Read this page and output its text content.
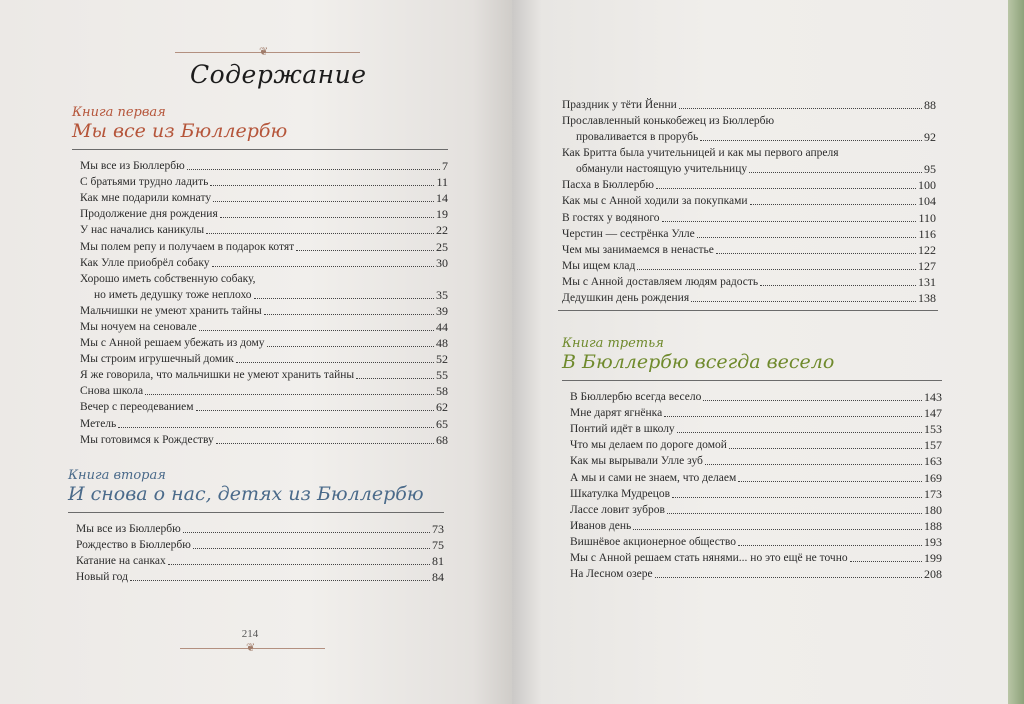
❦
Содержание
Книга первая
Мы все из Бюллербю
Мы все из Бюллербю	7
С братьями трудно ладить	11
Как мне подарили комнату	14
Продолжение дня рождения	19
У нас начались каникулы	22
Мы полем репу и получаем в подарок котят	25
Как Улле приобрёл собаку	30
Хорошо иметь собственную собаку,
но иметь дедушку тоже неплохо	35
Мальчишки не умеют хранить тайны	39
Мы ночуем на сеновале	44
Мы с Анной решаем убежать из дому	48
Мы строим игрушечный домик	52
Я же говорила, что мальчишки не умеют хранить тайны	55
Снова школа	58
Вечер с переодеванием	62
Метель	65
Мы готовимся к Рождеству	68
Книга вторая
И снова о нас, детях из Бюллербю
Мы все из Бюллербю	73
Рождество в Бюллербю	75
Катание на санках	81
Новый год	84
Праздник у тёти Йенни	88
Прославленный конькобежец из Бюллербю
проваливается в прорубь	92
Как Бритта была учительницей и как мы первого апреля
обманули настоящую учительницу	95
Пасха в Бюллербю	100
Как мы с Анной ходили за покупками	104
В гостях у водяного	110
Черстин — сестрёнка Улле	116
Чем мы занимаемся в ненастье	122
Мы ищем клад	127
Мы с Анной доставляем людям радость	131
Дедушкин день рождения	138
Книга третья
В Бюллербю всегда весело
В Бюллербю всегда весело	143
Мне дарят ягнёнка	147
Понтий идёт в школу	153
Что мы делаем по дороге домой	157
Как мы вырывали Улле зуб	163
А мы и сами не знаем, что делаем	169
Шкатулка Мудрецов	173
Лассе ловит зубров	180
Иванов день	188
Вишнёвое акционерное общество	193
Мы с Анной решаем стать нянями... но это ещё не точно	199
На Лесном озере	208
214
❦
